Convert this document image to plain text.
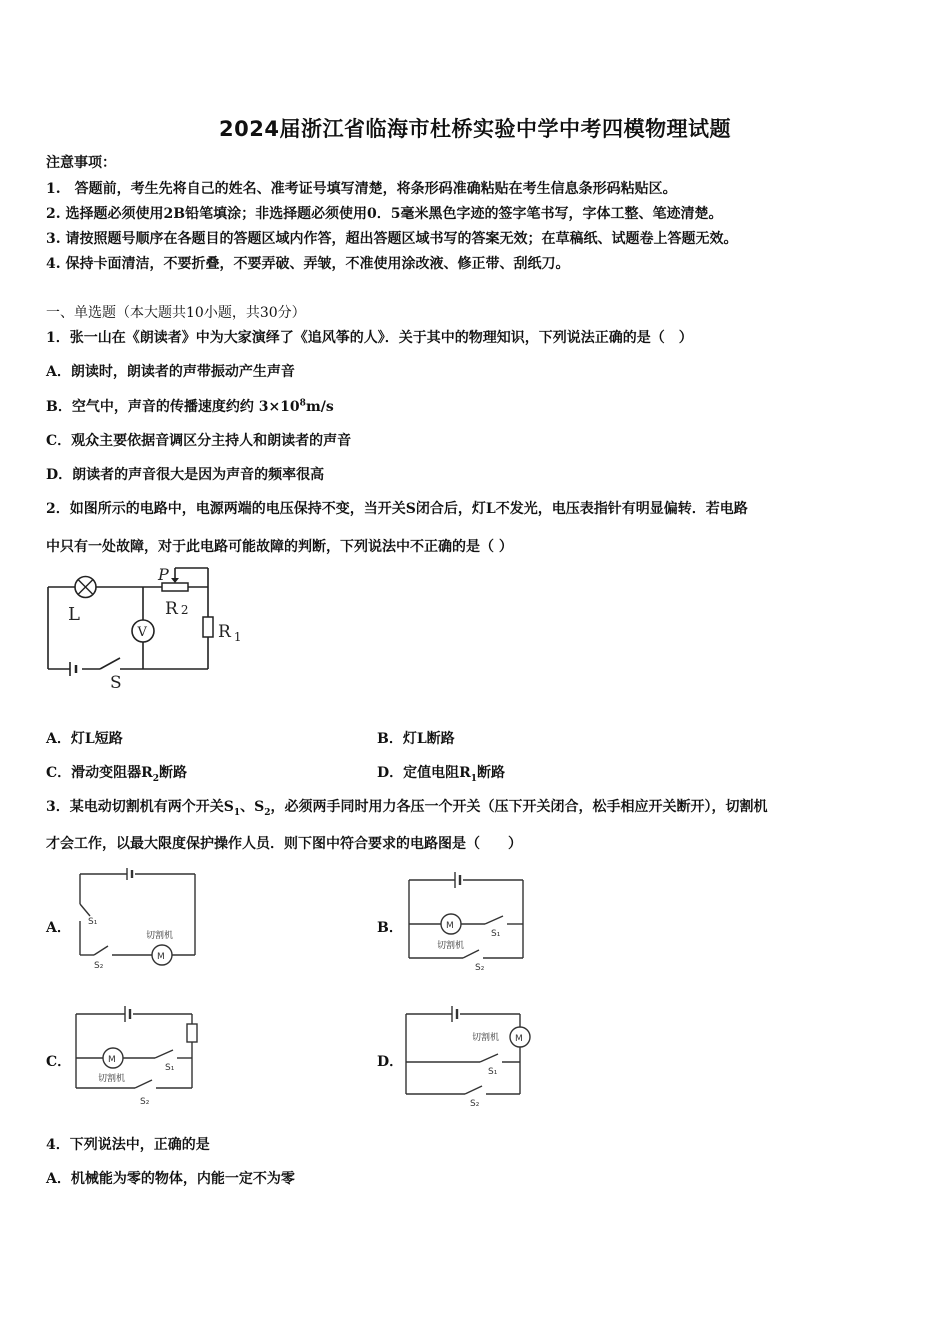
2024届浙江省临海市杜桥实验中学中考四模物理试题
注意事项：
1.　答题前，考生先将自己的姓名、准考证号填写清楚，将条形码准确粘贴在考生信息条形码粘贴区。
2. 选择题必须使用2B铅笔填涂；非选择题必须使用0．5毫米黑色字迹的签字笔书写，字体工整、笔迹清楚。
3. 请按照题号顺序在各题目的答题区域内作答，超出答题区域书写的答案无效；在草稿纸、试题卷上答题无效。
4. 保持卡面清洁，不要折叠，不要弄破、弄皱，不准使用涂改液、修正带、刮纸刀。
一、单选题（本大题共10小题，共30分）
1．张一山在《朗读者》中为大家演绎了《追风筝的人》．关于其中的物理知识，下列说法正确的是（　）
A．朗读时，朗读者的声带振动产生声音
B．空气中，声音的传播速度约约 $3\times 10^8m/s$
C．观众主要依据音调区分主持人和朗读者的声音
D．朗读者的声音很大是因为声音的频率很高
2．如图所示的电路中，电源两端的电压保持不变，当开关S闭合后，灯L不发光，电压表指针有明显偏转．若电路
中只有一处故障，对于此电路可能故障的判断，下列说法中不正确的是（ ）
V
L
P
R 2
R $_1$
S
A．灯L短路	B．灯L断路
C．滑动变阻器$R_2$断路	D．定值电阻$R_1$断路
3．某电动切割机有两个开关$S_1$、$S_2$，必须两手同时用力各压一个开关（压下开关闭合，松手相应开关断开），切割机
才会工作，以最大限度保护操作人员．则下图中符合要求的电路图是（　　）
A．	B．
C．	D．
M
切割机
S₁
S₂
M
切割机
S₁
S₂
M
切割机
S₁
S₂
M
切割机
S₁
S₂
4．下列说法中，正确的是
A．机械能为零的物体，内能一定不为零
